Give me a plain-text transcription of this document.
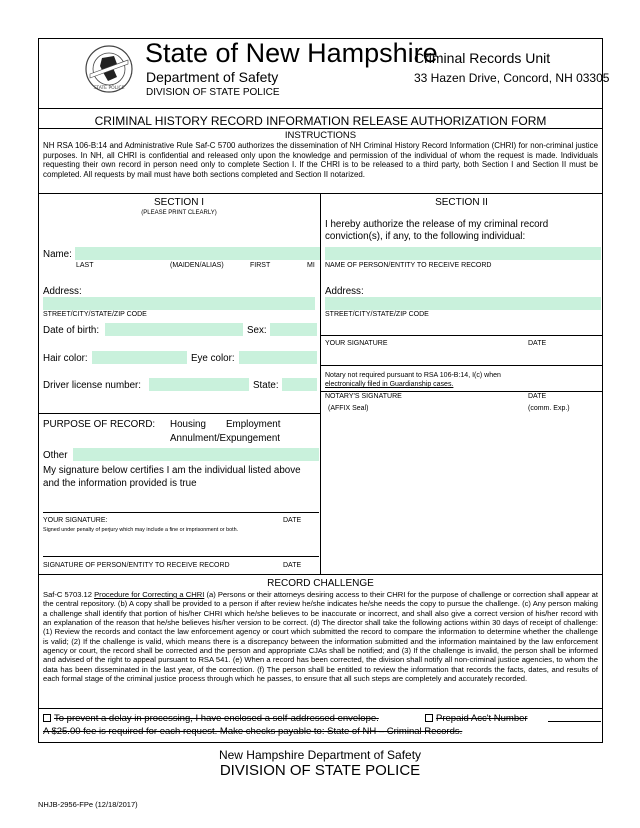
STATE POLICE
State of New Hampshire
Criminal Records Unit
Department of Safety	33 Hazen Drive, Concord, NH 03305
DIVISION OF STATE POLICE
CRIMINAL HISTORY RECORD INFORMATION RELEASE AUTHORIZATION FORM
INSTRUCTIONS
NH RSA 106-B:14 and Administrative Rule Saf-C 5700 authorizes the dissemination of NH Criminal History Record Information (CHRI) for non-criminal justice purposes. In NH, all CHRI is confidential and released only upon the knowledge and permission of the individual of whom the request is made. Individuals requesting their own record in person need only to complete Section I. If the CHRI is to be released to a third party, both Section I and Section II must be completed. All requests by mail must have both sections completed and Section II notarized.
SECTION I
(PLEASE PRINT CLEARLY)
Name:
LAST	(MAIDEN/ALIAS)	FIRST	MI
Address:
STREET/CITY/STATE/ZIP CODE
Date of birth:	Sex:
Hair color:	Eye color:
Driver license number:	State:
PURPOSE OF RECORD: Housing Employment
Annulment/Expungement
Other
My signature below certifies I am the individual listed above and the information provided is true
YOUR SIGNATURE:	DATE
Signed under penalty of perjury which may include a fine or imprisonment or both.
SIGNATURE OF PERSON/ENTITY TO RECEIVE RECORD	DATE
SECTION II
I hereby authorize the release of my criminal record conviction(s), if any, to the following individual:
NAME OF PERSON/ENTITY TO RECEIVE RECORD
Address:
STREET/CITY/STATE/ZIP CODE
YOUR SIGNATURE	DATE
Notary not required pursuant to RSA 106-B:14, I(c) when
electronically filed in Guardianship cases.
NOTARY'S SIGNATURE	DATE
(AFFIX Seal)	(comm. Exp.)
RECORD CHALLENGE
Saf-C 5703.12 Procedure for Correcting a CHRI (a) Persons or their attorneys desiring access to their CHRI for the purpose of challenge or correction shall appear at the central repository. (b) A copy shall be provided to a person if after review he/she indicates he/she needs the copy to pursue the challenge. (c) Any person making a challenge shall identify that portion of his/her CHRI which he/she believes to be inaccurate or incorrect, and shall also give a correct version of his/her record with an explanation of the reason that he/she believes his/her version to be correct. (d) The director shall take the following actions within 30 days of receipt of challenge: (1) Review the records and contact the law enforcement agency or court which submitted the record to compare the information to determine whether the challenge is valid; (2) If the challenge is valid, which means there is a discrepancy between the information submitted and the information maintained by the law enforcement agency or court, the record shall be corrected and the person and appropriate CJAs shall be notified; and (3) If the challenge is invalid, the person shall be informed and advised of the right to appeal pursuant to RSA 541. (e) When a record has been corrected, the division shall notify all non-criminal justice agencies, to whom the data has been disseminated in the last year, of the correction. (f) The person shall be entitled to review the information that records the facts, dates, and results of each formal stage of the criminal justice process through which he passes, to ensure that all such steps are completely and accurately recorded.
To prevent a delay in processing, I have enclosed a self-addressed envelope.	Prepaid Acc't Number
A $25.00 fee is required for each request. Make checks payable to: State of NH – Criminal Records.
New Hampshire Department of Safety
DIVISION OF STATE POLICE
NHJB-2956-FPe (12/18/2017)
